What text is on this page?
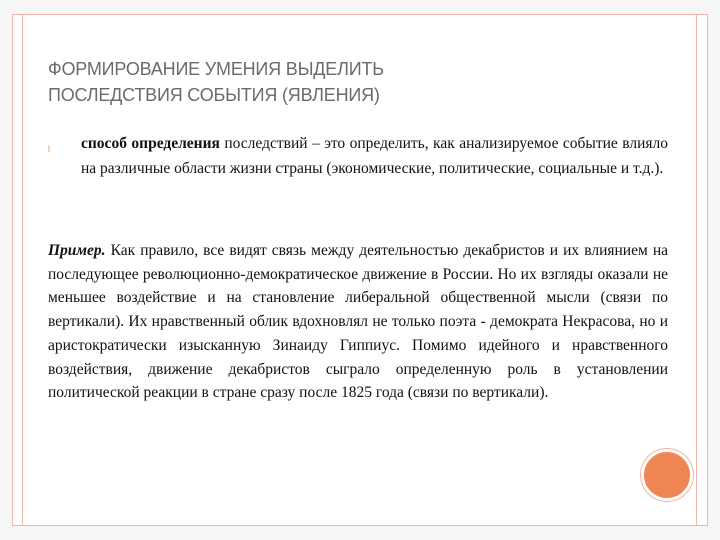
ФОРМИРОВАНИЕ УМЕНИЯ ВЫДЕЛИТЬ
ПОСЛЕДСТВИЯ СОБЫТИЯ (ЯВЛЕНИЯ)
l способ определения последствий – это определить, как анализируемое событие влияло на различные области жизни страны (экономические, политические, социальные и т.д.).
Пример. Как правило, все видят связь между деятельностью декабристов и их влиянием на последующее революционно-демократическое движение в России. Но их взгляды оказали не меньшее воздействие и на становление либеральной общественной мысли (связи по вертикали). Их нравственный облик вдохновлял не только поэта - демократа Некрасова, но и аристократически изысканную Зинаиду Гиппиус. Помимо идейного и нравственного воздействия, движение декабристов сыграло определенную роль в установлении политической реакции в стране сразу после 1825 года (связи по вертикали).
